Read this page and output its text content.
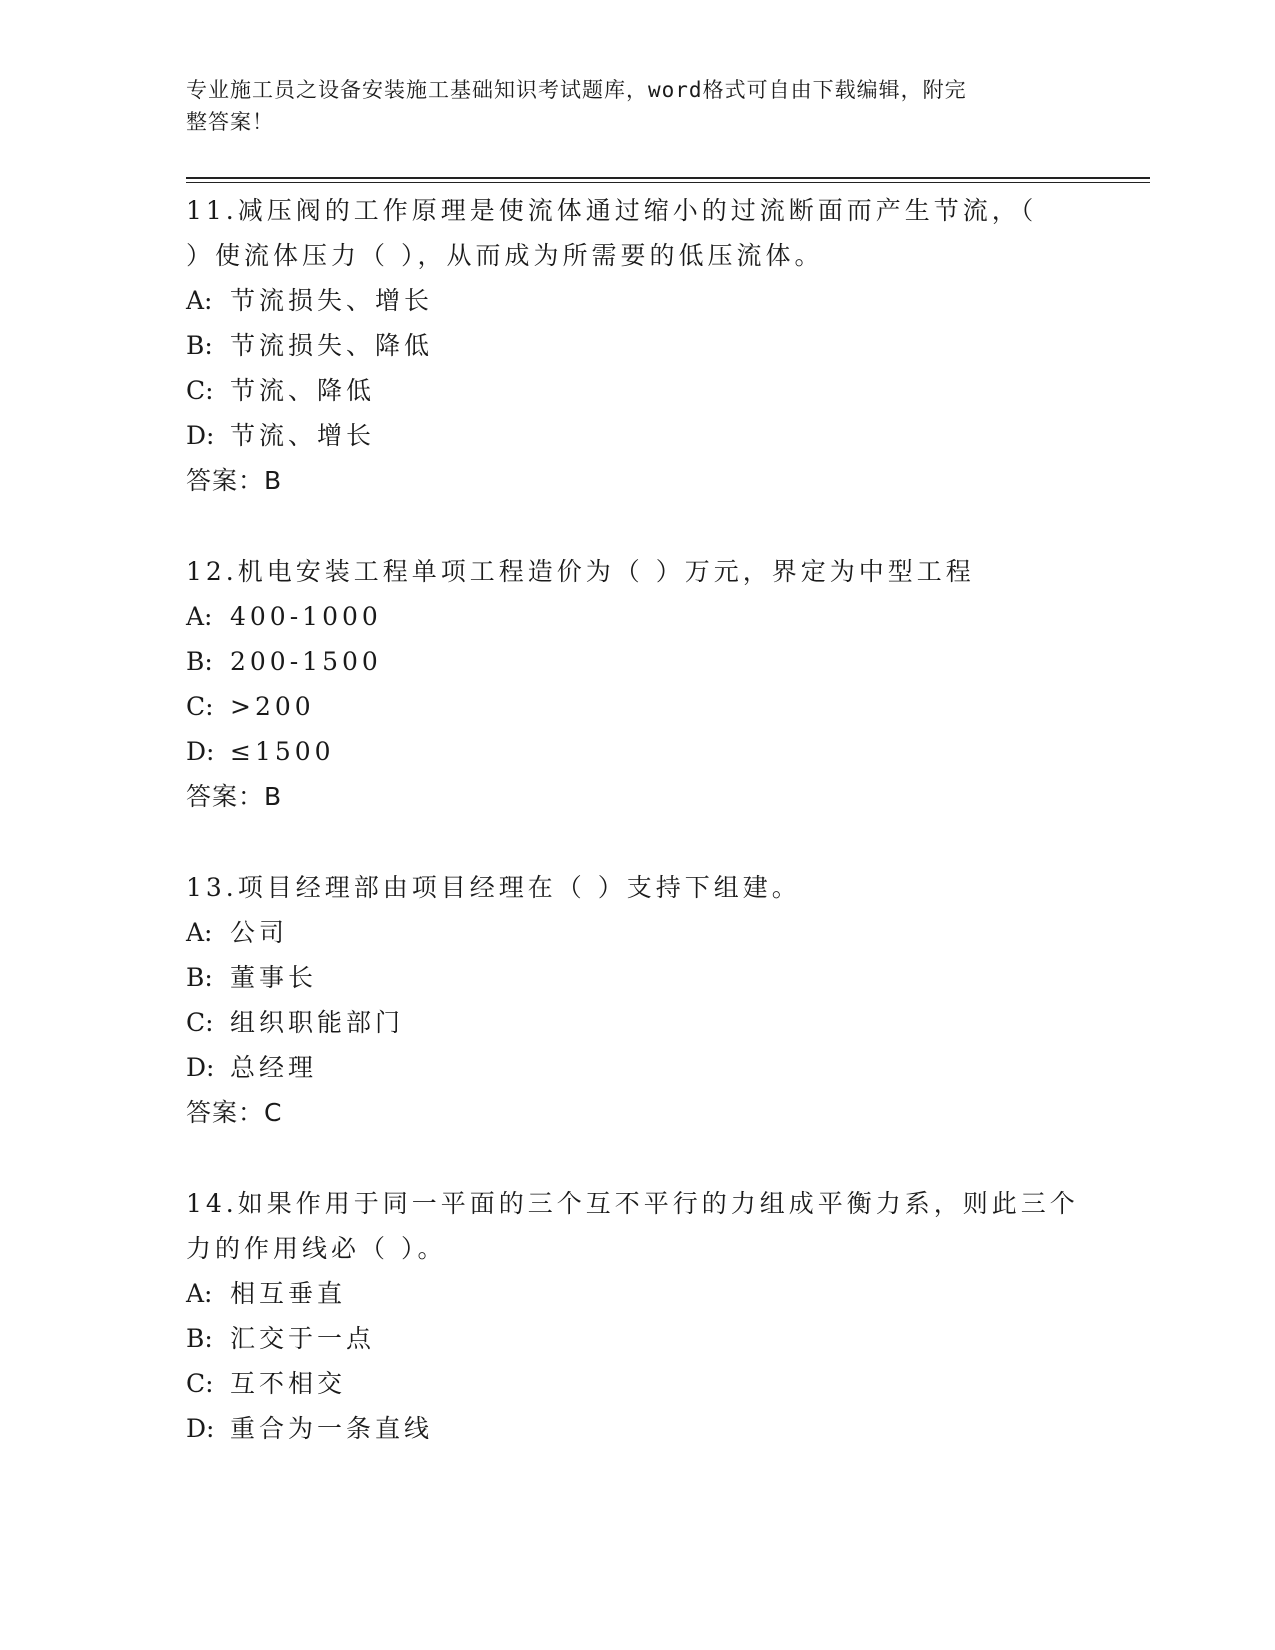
专业施工员之设备安装施工基础知识考试题库，word格式可自由下载编辑，附完
整答案！

11.减压阀的工作原理是使流体通过缩小的过流断面而产生节流，（
）使流体压力（ ），从而成为所需要的低压流体。

A: 节流损失、增长

B: 节流损失、降低

C: 节流、降低

D: 节流、增长

答案：B

12.机电安装工程单项工程造价为（ ）万元，界定为中型工程

A: 400-1000

B: 200-1500

C: >200

D: ≤1500

答案：B

13.项目经理部由项目经理在（ ）支持下组建。

A: 公司

B: 董事长

C: 组织职能部门

D: 总经理

答案：C

14.如果作用于同一平面的三个互不平行的力组成平衡力系，则此三个
力的作用线必（ ）。

A: 相互垂直

B: 汇交于一点

C: 互不相交

D: 重合为一条直线
